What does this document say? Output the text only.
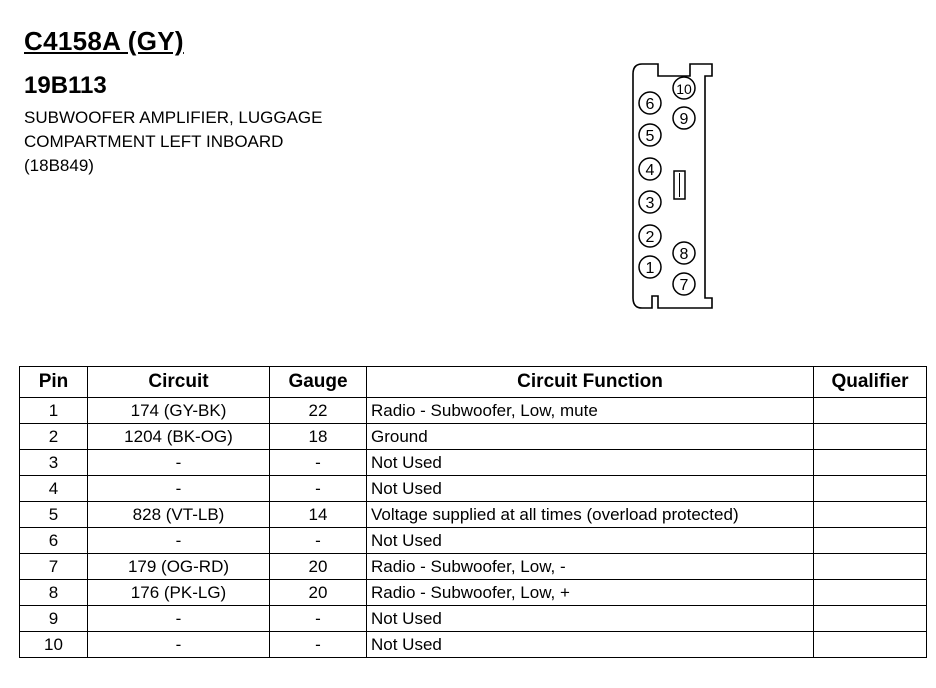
C4158A (GY)
19B113
SUBWOOFER AMPLIFIER, LUGGAGE
COMPARTMENT LEFT INBOARD
(18B849)
1
2
3
4
5
6
7
8
9
10
Pin	Circuit	Gauge	Circuit Function	Qualifier
1	174 (GY-BK)	22	Radio - Subwoofer, Low, mute	
2	1204 (BK-OG)	18	Ground	
3	-	-	Not Used	
4	-	-	Not Used	
5	828 (VT-LB)	14	Voltage supplied at all times (overload protected)	
6	-	-	Not Used	
7	179 (OG-RD)	20	Radio - Subwoofer, Low, -	
8	176 (PK-LG)	20	Radio - Subwoofer, Low, +	
9	-	-	Not Used	
10	-	-	Not Used	
